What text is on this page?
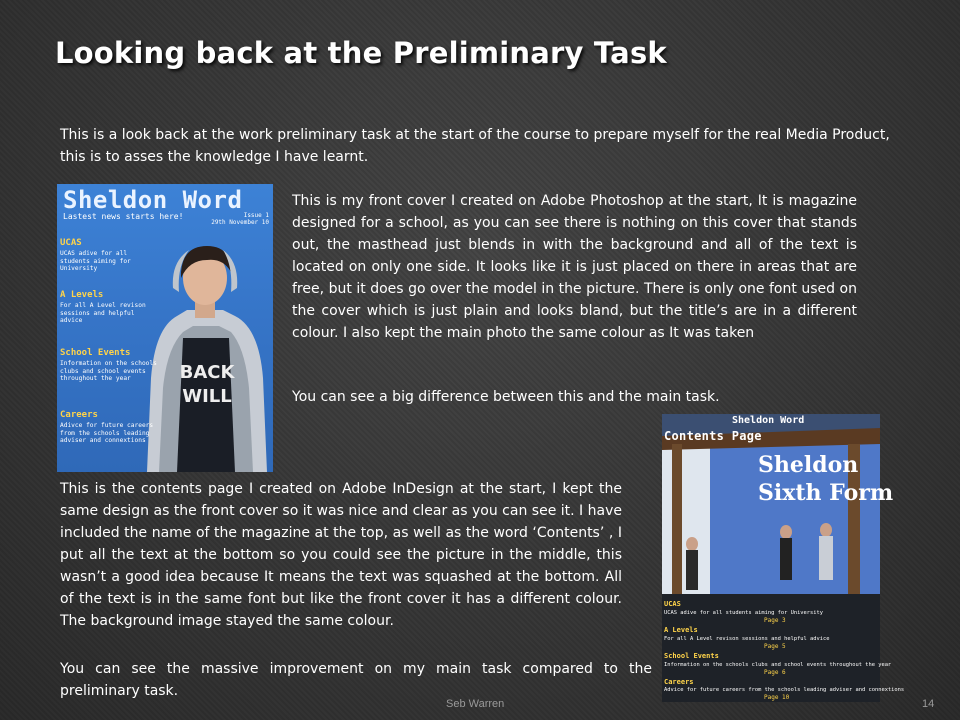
Looking back at the Preliminary Task

This is a look back at the work preliminary task at the start of the course to prepare myself for the real Media Product, this is to asses the knowledge I have learnt.

BACK
WILL
Sheldon Word
Lastest news starts here!	Issue 1
29th November 10
UCAS
UCAS adive for all students aiming for University
A Levels
For all A Level revison sessions and helpful advice
School Events
Information on the schools clubs and school events throughout the year
Careers
Adivce for future careers from the schools leading adviser and connextions

This is my front cover I created on Adobe Photoshop at the start, It is magazine designed for a school, as you can see there is nothing on this cover that stands out, the masthead just blends in with the background and all of the text is located on only one side. It looks like it is just placed on there in areas that are free, but it does go over the model in the picture. There is only one font used on the cover which is just plain and looks bland, but the title’s are in a different colour. I also kept the main photo the same colour as It was taken

You can see a big difference between this and the main task.

This is the contents page I created on Adobe InDesign at the start, I kept the same design as the front cover so it was nice and clear as you can see it. I have included the name of the magazine at the top, as well as the word ‘Contents’ , I put all the text at the bottom so you could see the picture in the middle, this wasn’t a good idea because It means the text was squashed at the bottom. All of the text is in the same font but like the front cover it has a different colour. The background image stayed the same colour.

You can see the massive improvement on my main task compared to the preliminary task.

Sheldon Word
Contents Page
Sheldon
Sixth Form
UCAS
UCAS adive for all students aiming for University
Page 3
A Levels
For all A Level revison sessions and helpful advice
Page 5
School Events
Information on the schools clubs and school events throughout the year
Page 6
Careers
Advice for future careers from the schools leading adviser and connextions
Page 10
Seb Warren	14
